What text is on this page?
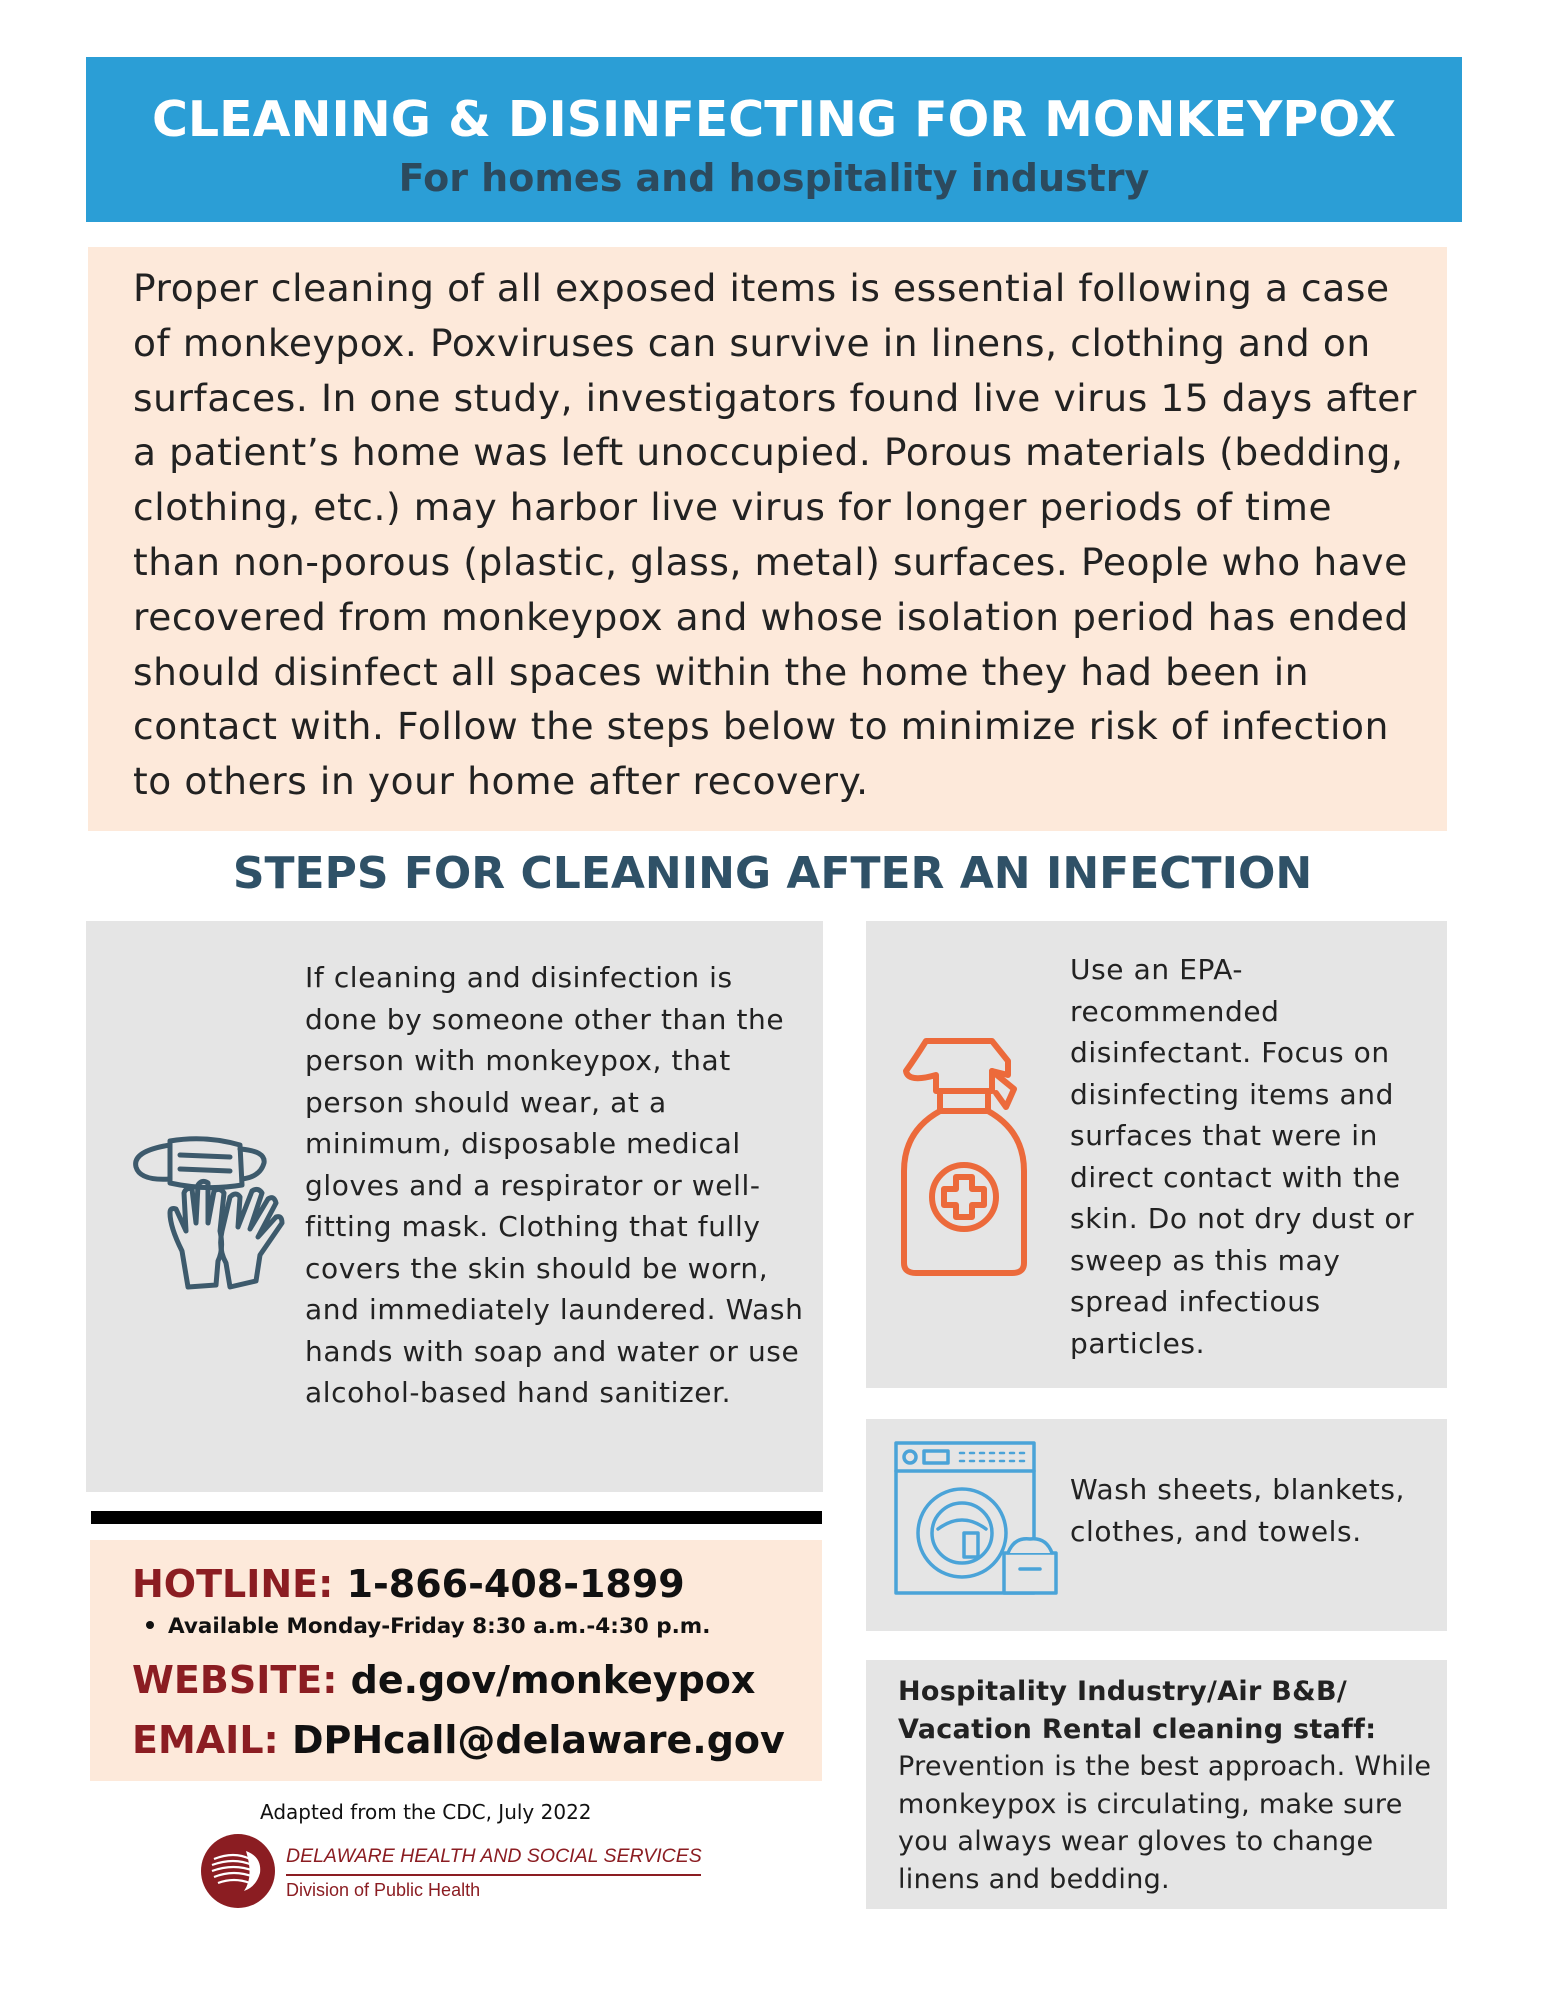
CLEANING & DISINFECTING FOR MONKEYPOX
For homes and hospitality industry

Proper cleaning of all exposed items is essential following a case of monkeypox. Poxviruses can survive in linens, clothing and on surfaces. In one study, investigators found live virus 15 days after a patient’s home was left unoccupied. Porous materials (bedding, clothing, etc.) may harbor live virus for longer periods of time than non-porous (plastic, glass, metal) surfaces. People who have recovered from monkeypox and whose isolation period has ended should disinfect all spaces within the home they had been in contact with. Follow the steps below to minimize risk of infection to others in your home after recovery.

STEPS FOR CLEANING AFTER AN INFECTION
If cleaning and disinfection is done by someone other than the person with monkeypox, that person should wear, at a minimum, disposable medical gloves and a respirator or well-fitting mask. Clothing that fully covers the skin should be worn, and immediately laundered. Wash hands with soap and water or use alcohol-based hand sanitizer.
Use an EPA-recommended disinfectant. Focus on disinfecting items and surfaces that were in direct contact with the skin. Do not dry dust or sweep as this may spread infectious particles.
Wash sheets, blankets, clothes, and towels.
Hospitality Industry/Air B&B/ Vacation Rental cleaning staff:
Prevention is the best approach. While monkeypox is circulating, make sure you always wear gloves to change linens and bedding.
HOTLINE: 1-866-408-1899
Available Monday-Friday 8:30 a.m.-4:30 p.m.
WEBSITE: de.gov/monkeypox
EMAIL: DPHcall@delaware.gov
Adapted from the CDC, July 2022
DELAWARE HEALTH AND SOCIAL SERVICES
Division of Public Health
